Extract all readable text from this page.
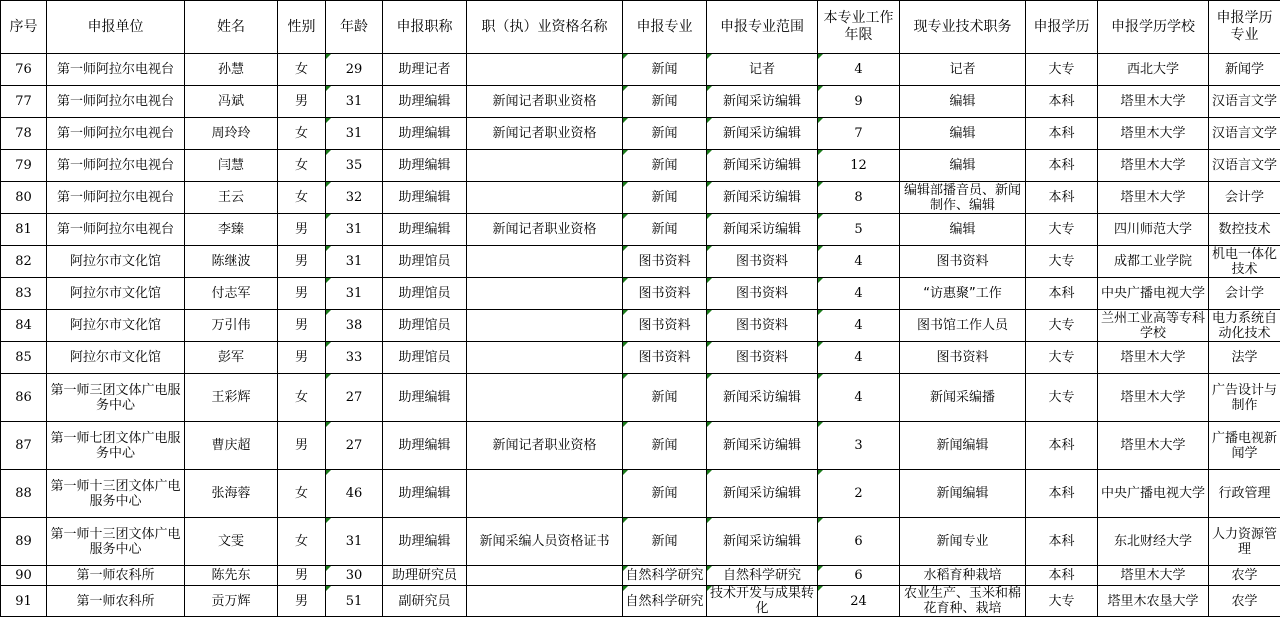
序号	申报单位	姓名	性别	年龄	申报职称	职（执）业资格名称	申报专业	申报专业范围	本专业工作年限	现专业技术职务	申报学历	申报学历学校	申报学历专业
76	第一师阿拉尔电视台	孙慧	女	29	助理记者		新闻	记者	4	记者	大专	西北大学	新闻学
77	第一师阿拉尔电视台	冯斌	男	31	助理编辑	新闻记者职业资格	新闻	新闻采访编辑	9	编辑	本科	塔里木大学	汉语言文学
78	第一师阿拉尔电视台	周玲玲	女	31	助理编辑	新闻记者职业资格	新闻	新闻采访编辑	7	编辑	本科	塔里木大学	汉语言文学
79	第一师阿拉尔电视台	闫慧	女	35	助理编辑		新闻	新闻采访编辑	12	编辑	本科	塔里木大学	汉语言文学
80	第一师阿拉尔电视台	王云	女	32	助理编辑		新闻	新闻采访编辑	8	编辑部播音员、新闻制作、编辑	本科	塔里木大学	会计学
81	第一师阿拉尔电视台	李臻	男	31	助理编辑	新闻记者职业资格	新闻	新闻采访编辑	5	编辑	大专	四川师范大学	数控技术
82	阿拉尔市文化馆	陈继波	男	31	助理馆员		图书资料	图书资料	4	图书资料	大专	成都工业学院	机电一体化技术
83	阿拉尔市文化馆	付志军	男	31	助理馆员		图书资料	图书资料	4	“访惠聚”工作	本科	中央广播电视大学	会计学
84	阿拉尔市文化馆	万引伟	男	38	助理馆员		图书资料	图书资料	4	图书馆工作人员	大专	兰州工业高等专科学校	电力系统自动化技术
85	阿拉尔市文化馆	彭军	男	33	助理馆员		图书资料	图书资料	4	图书资料	大专	塔里木大学	法学
86	第一师三团文体广电服务中心	王彩辉	女	27	助理编辑		新闻	新闻采访编辑	4	新闻采编播	大专	塔里木大学	广告设计与制作
87	第一师七团文体广电服务中心	曹庆超	男	27	助理编辑	新闻记者职业资格	新闻	新闻采访编辑	3	新闻编辑	本科	塔里木大学	广播电视新闻学
88	第一师十三团文体广电服务中心	张海蓉	女	46	助理编辑		新闻	新闻采访编辑	2	新闻编辑	本科	中央广播电视大学	行政管理
89	第一师十三团文体广电服务中心	文雯	女	31	助理编辑	新闻采编人员资格证书	新闻	新闻采访编辑	6	新闻专业	本科	东北财经大学	人力资源管理
90	第一师农科所	陈先东	男	30	助理研究员		自然科学研究	自然科学研究	6	水稻育种栽培	本科	塔里木大学	农学
91	第一师农科所	贡万辉	男	51	副研究员		自然科学研究	技术开发与成果转化	24	农业生产、玉米和棉花育种、栽培	大专	塔里木农垦大学	农学
